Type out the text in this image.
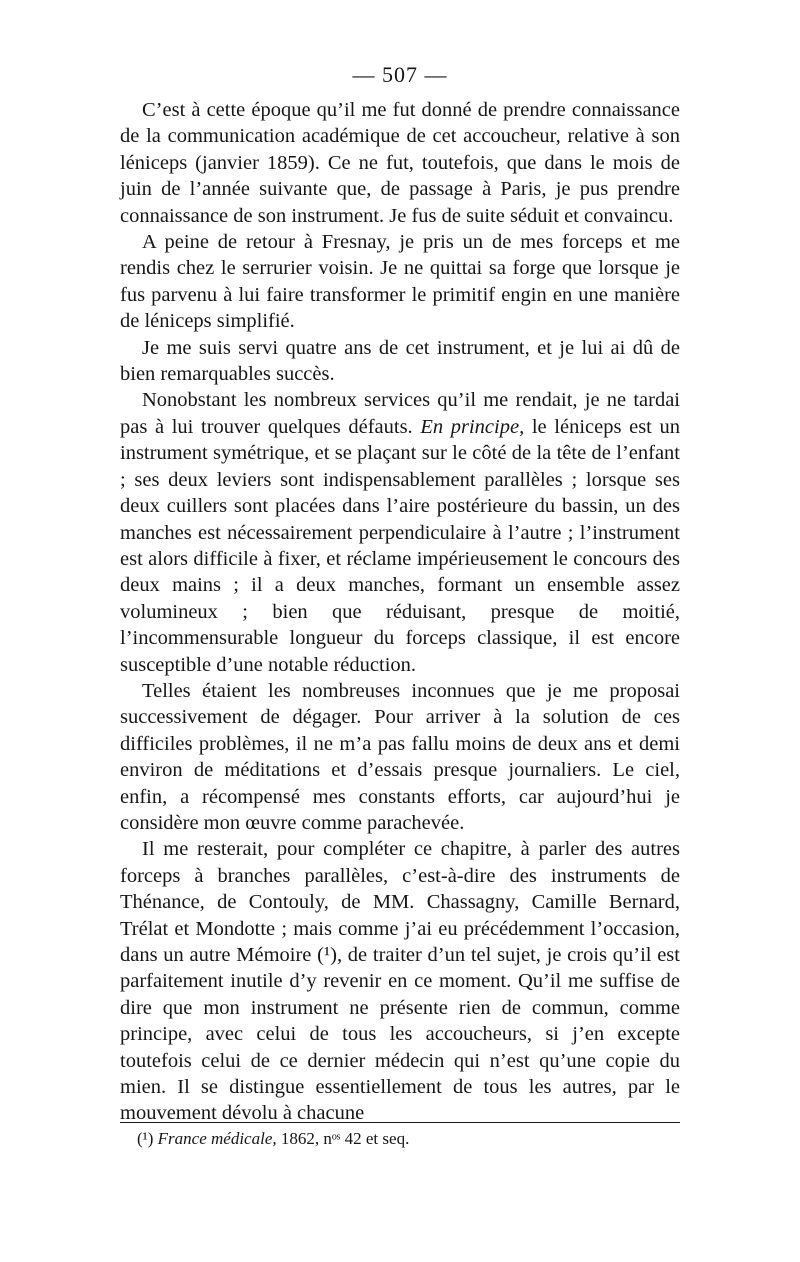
— 507 —

C’est à cette époque qu’il me fut donné de prendre connaissance de la communication académique de cet accoucheur, relative à son léniceps (janvier 1859). Ce ne fut, toutefois, que dans le mois de juin de l’année suivante que, de passage à Paris, je pus prendre connaissance de son instrument. Je fus de suite séduit et convaincu.

A peine de retour à Fresnay, je pris un de mes forceps et me rendis chez le serrurier voisin. Je ne quittai sa forge que lorsque je fus parvenu à lui faire transformer le primitif engin en une manière de léniceps simplifié.

Je me suis servi quatre ans de cet instrument, et je lui ai dû de bien remarquables succès.

Nonobstant les nombreux services qu’il me rendait, je ne tardai pas à lui trouver quelques défauts. En principe, le léniceps est un instrument symétrique, et se plaçant sur le côté de la tête de l’enfant ; ses deux leviers sont indispensablement parallèles ; lorsque ses deux cuillers sont placées dans l’aire postérieure du bassin, un des manches est nécessairement perpendiculaire à l’autre ; l’instrument est alors difficile à fixer, et réclame impérieusement le concours des deux mains ; il a deux manches, formant un ensemble assez volumineux ; bien que réduisant, presque de moitié, l’incommensurable longueur du forceps classique, il est encore susceptible d’une notable réduction.

Telles étaient les nombreuses inconnues que je me proposai successivement de dégager. Pour arriver à la solution de ces difficiles problèmes, il ne m’a pas fallu moins de deux ans et demi environ de méditations et d’essais presque journaliers. Le ciel, enfin, a récompensé mes constants efforts, car aujourd’hui je considère mon œuvre comme parachevée.

Il me resterait, pour compléter ce chapitre, à parler des autres forceps à branches parallèles, c’est-à-dire des instruments de Thénance, de Contouly, de MM. Chassagny, Camille Bernard, Trélat et Mondotte ; mais comme j’ai eu précédemment l’occasion, dans un autre Mémoire (¹), de traiter d’un tel sujet, je crois qu’il est parfaitement inutile d’y revenir en ce moment. Qu’il me suffise de dire que mon instrument ne présente rien de commun, comme principe, avec celui de tous les accoucheurs, si j’en excepte toutefois celui de ce dernier médecin qui n’est qu’une copie du mien. Il se distingue essentiellement de tous les autres, par le mouvement dévolu à chacune

(¹) France médicale, 1862, nᵒˢ 42 et seq.
